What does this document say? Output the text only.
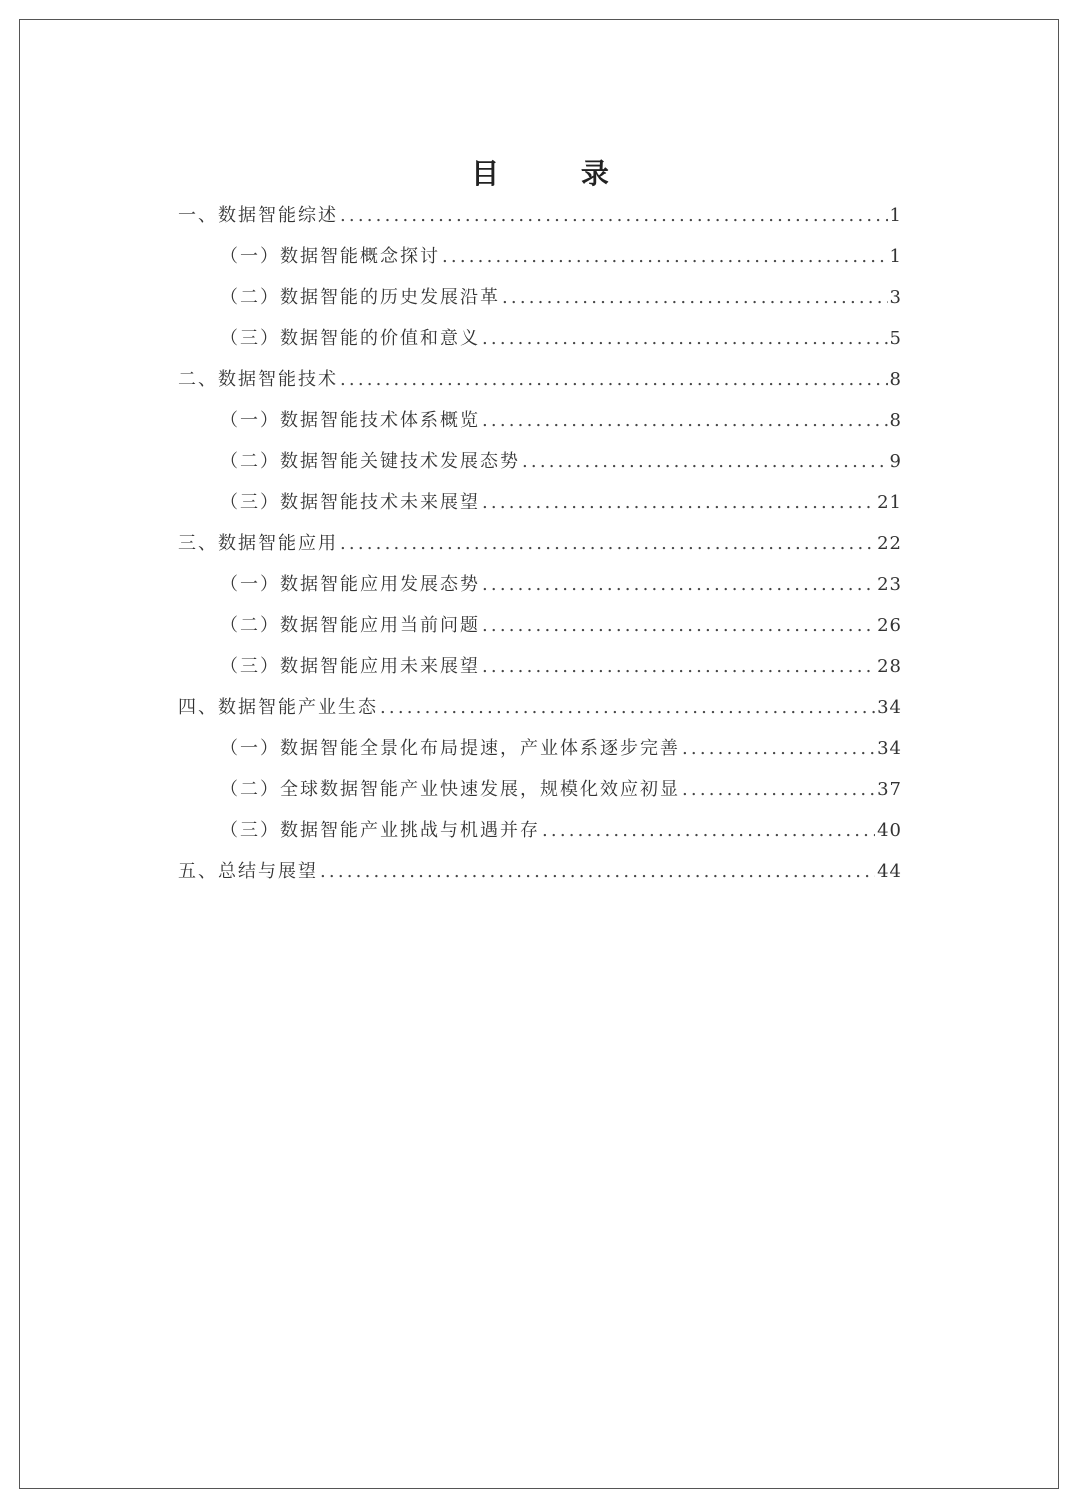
目 录
一、数据智能综述 .....	1
（一）数据智能概念探讨 .....	1
（二）数据智能的历史发展沿革 .....	3
（三）数据智能的价值和意义 .....	5
二、数据智能技术 .....	8
（一）数据智能技术体系概览 .....	8
（二）数据智能关键技术发展态势 .....	9
（三）数据智能技术未来展望 .....	21
三、数据智能应用 .....	22
（一）数据智能应用发展态势 .....	23
（二）数据智能应用当前问题 .....	26
（三）数据智能应用未来展望 .....	28
四、数据智能产业生态 .....	34
（一）数据智能全景化布局提速，产业体系逐步完善 .....	34
（二）全球数据智能产业快速发展，规模化效应初显 .....	37
（三）数据智能产业挑战与机遇并存 .....	40
五、总结与展望 .....	44
